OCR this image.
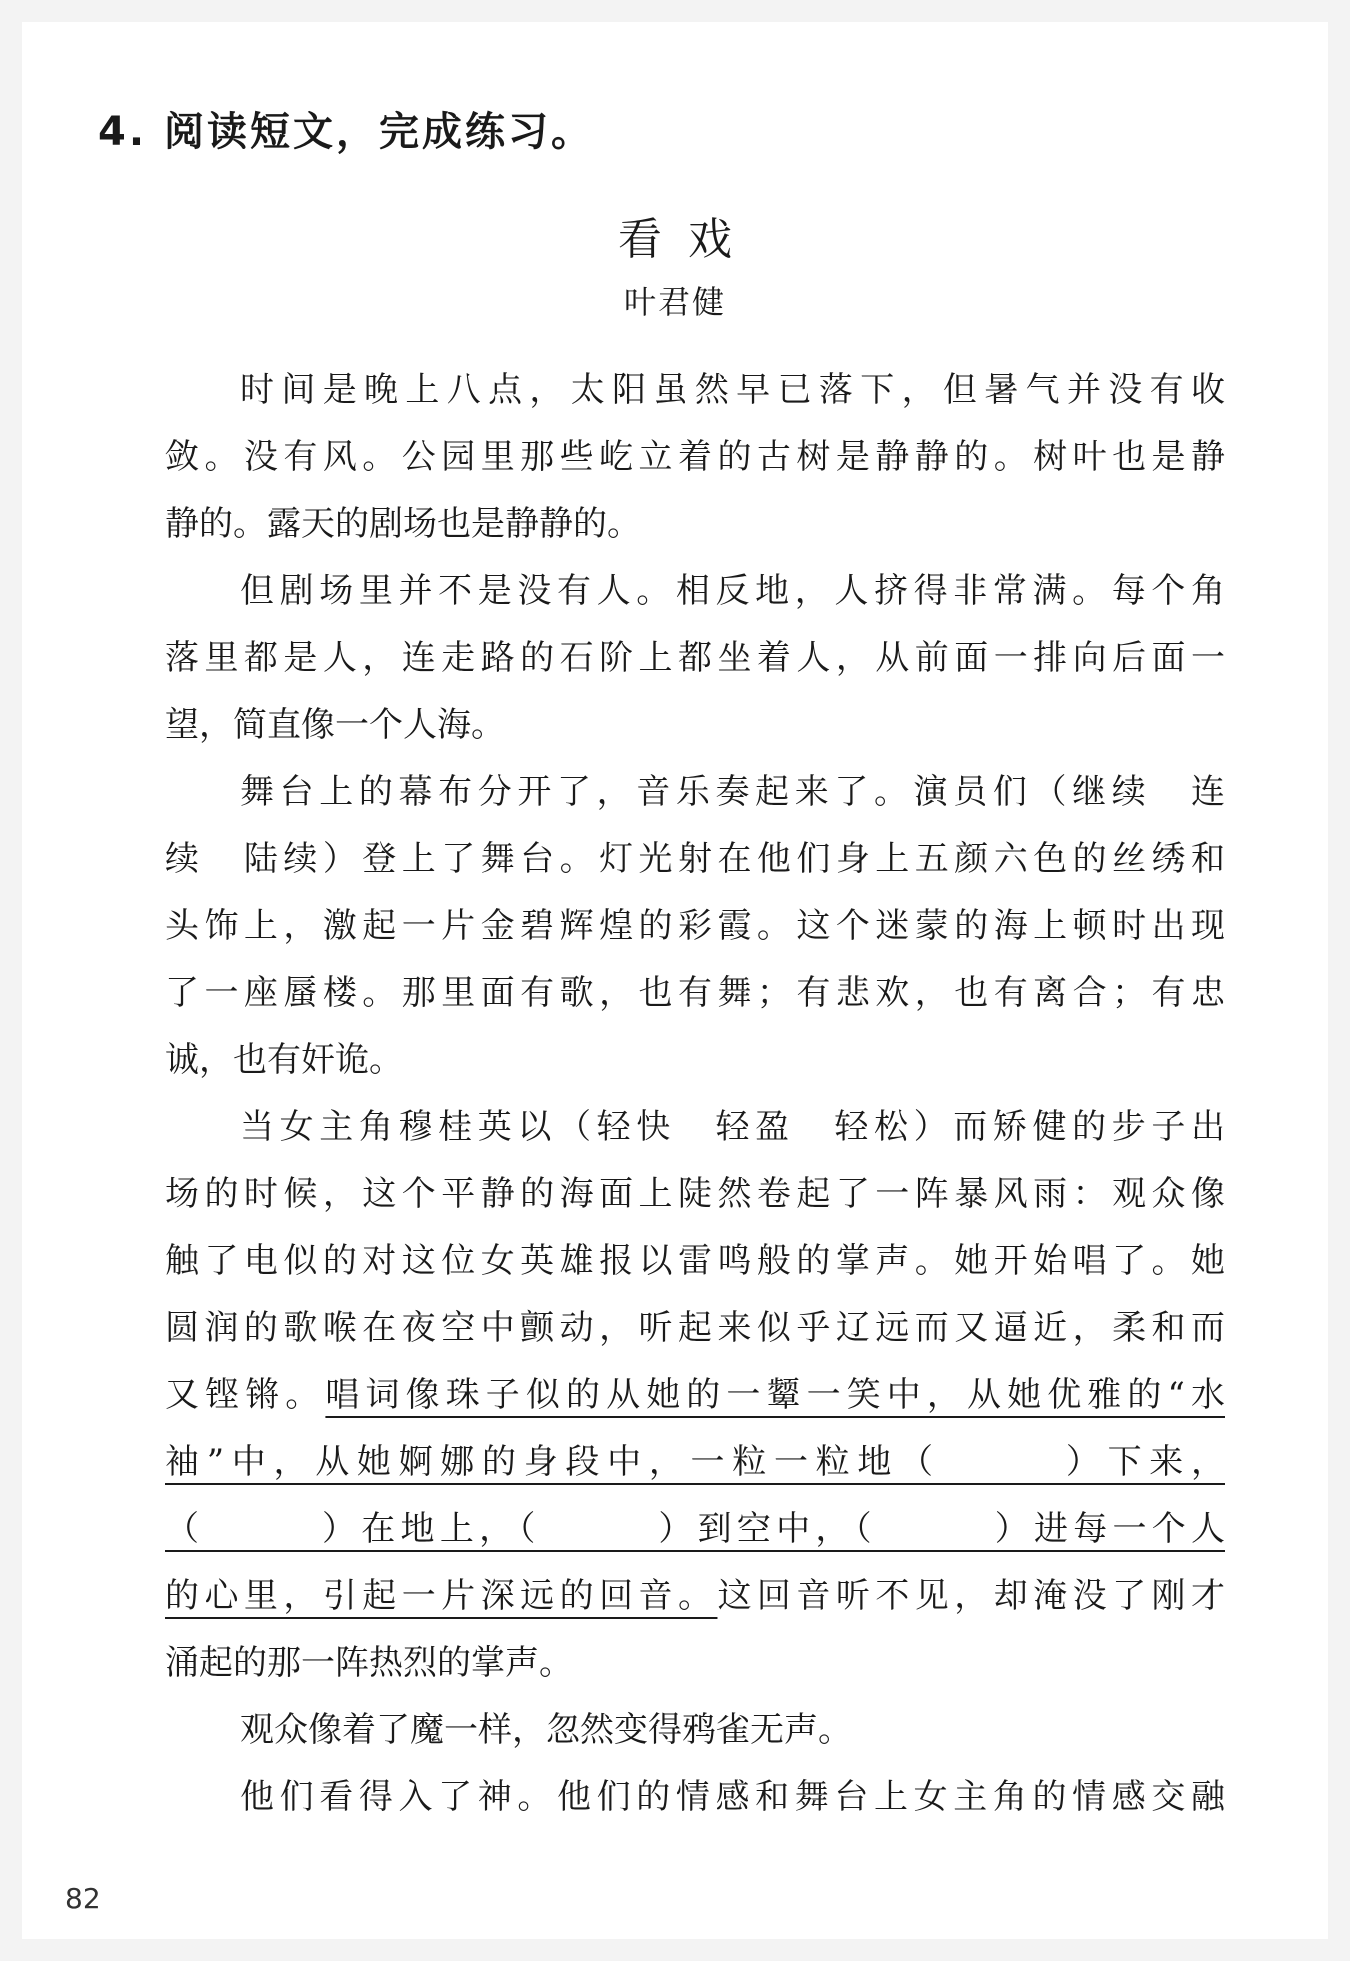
4. 阅读短文，完成练习。
看戏
叶君健
时间是晚上八点，太阳虽然早已落下，但暑气并没有收
敛。没有风。公园里那些屹立着的古树是静静的。树叶也是静
静的。露天的剧场也是静静的。
但剧场里并不是没有人。相反地，人挤得非常满。每个角
落里都是人，连走路的石阶上都坐着人，从前面一排向后面一
望，简直像一个人海。
舞台上的幕布分开了，音乐奏起来了。演员们（继续　连
续　陆续）登上了舞台。灯光射在他们身上五颜六色的丝绣和
头饰上，激起一片金碧辉煌的彩霞。这个迷蒙的海上顿时出现
了一座蜃楼。那里面有歌，也有舞；有悲欢，也有离合；有忠
诚，也有奸诡。
当女主角穆桂英以（轻快　轻盈　轻松）而矫健的步子出
场的时候，这个平静的海面上陡然卷起了一阵暴风雨：观众像
触了电似的对这位女英雄报以雷鸣般的掌声。她开始唱了。她
圆润的歌喉在夜空中颤动，听起来似乎辽远而又逼近，柔和而
又铿锵。唱词像珠子似的从她的一颦一笑中，从她优雅的“水
袖”中，从她婀娜的身段中，一粒一粒地（　　　）下来，
（　　　）在地上，（　　　）到空中，（　　　）进每一个人
的心里，引起一片深远的回音。这回音听不见，却淹没了刚才
涌起的那一阵热烈的掌声。
观众像着了魔一样，忽然变得鸦雀无声。
他们看得入了神。他们的情感和舞台上女主角的情感交融
82
